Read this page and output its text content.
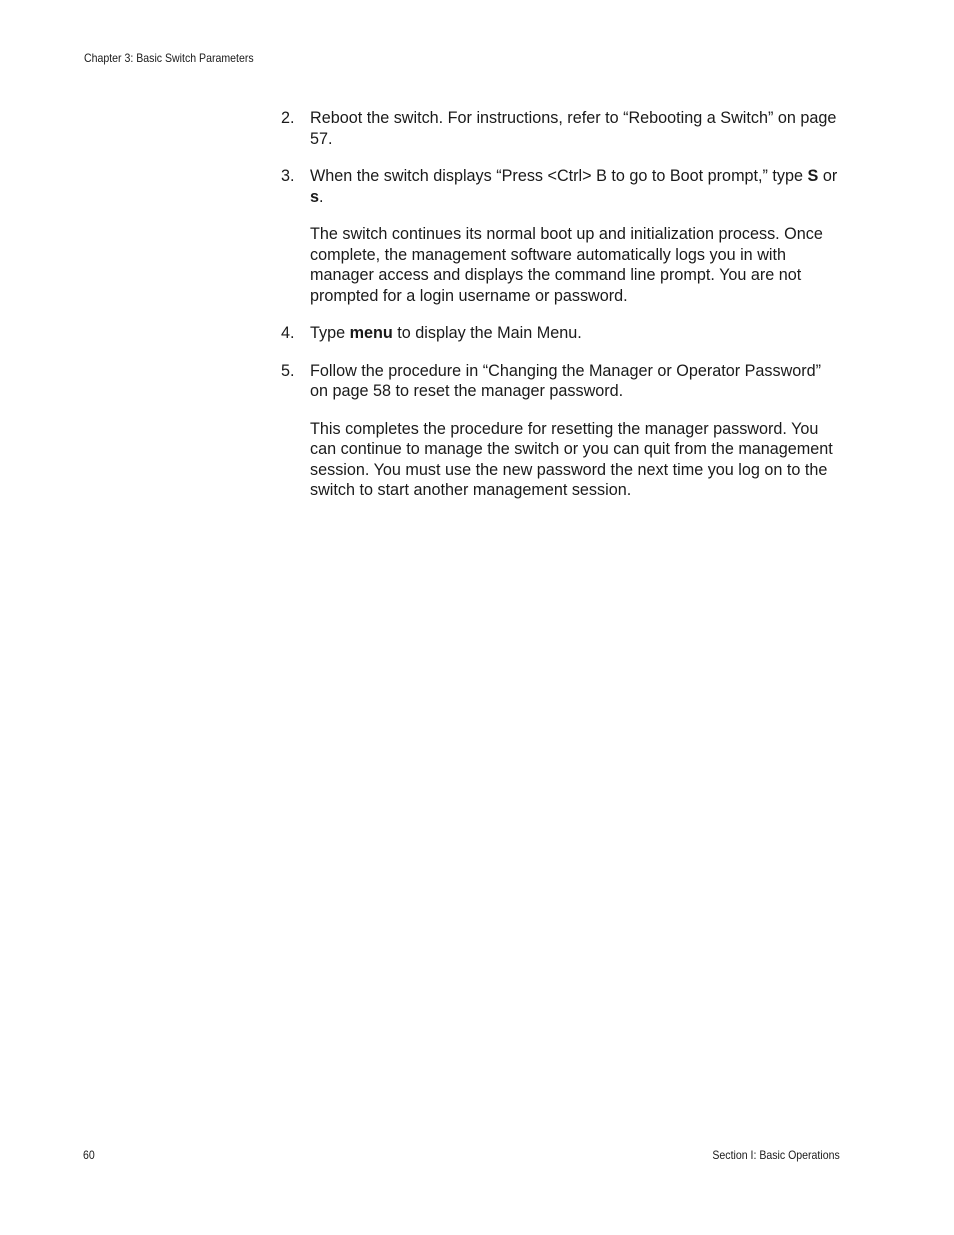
Chapter 3: Basic Switch Parameters
2. Reboot the switch. For instructions, refer to “Rebooting a Switch” on page 57.

3. When the switch displays “Press <Ctrl> B to go to Boot prompt,” type S or s.

The switch continues its normal boot up and initialization process. Once complete, the management software automatically logs you in with manager access and displays the command line prompt. You are not prompted for a login username or password.

4. Type menu to display the Main Menu.

5. Follow the procedure in “Changing the Manager or Operator Password” on page 58 to reset the manager password.

This completes the procedure for resetting the manager password. You can continue to manage the switch or you can quit from the management session. You must use the new password the next time you log on to the switch to start another management session.

60	Section I: Basic Operations
